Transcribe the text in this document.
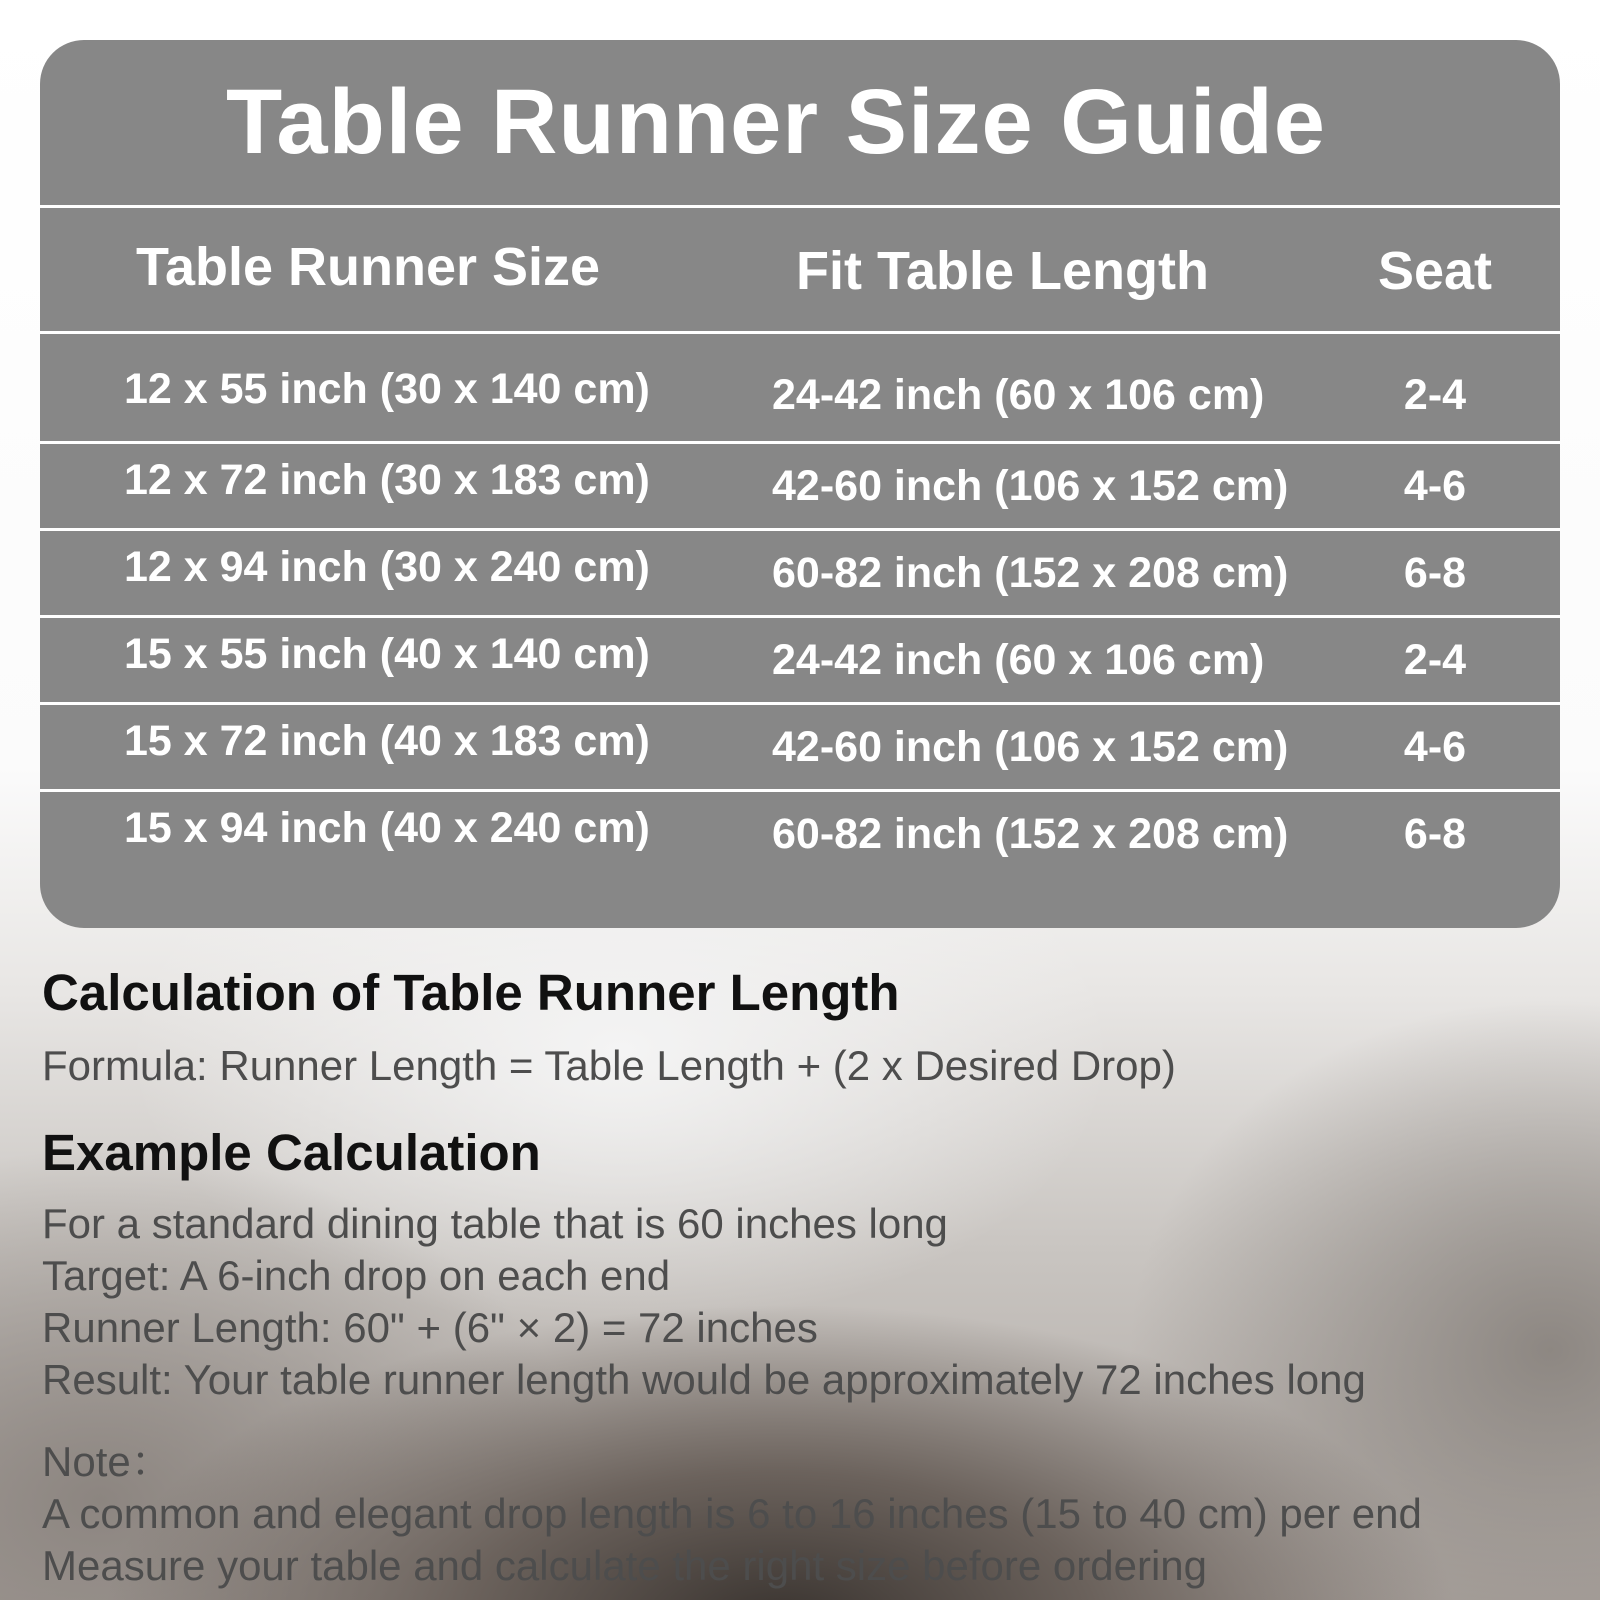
Table Runner Size Guide
Table Runner Size	Fit Table Length	Seat
12 x 55 inch (30 x 140 cm)	24-42 inch (60 x 106 cm)	2-4
12 x 72 inch (30 x 183 cm)	42-60 inch (106 x 152 cm)	4-6
12 x 94 inch (30 x 240 cm)	60-82 inch (152 x 208 cm)	6-8
15 x 55 inch (40 x 140 cm)	24-42 inch (60 x 106 cm)	2-4
15 x 72 inch (40 x 183 cm)	42-60 inch (106 x 152 cm)	4-6
15 x 94 inch (40 x 240 cm)	60-82 inch (152 x 208 cm)	6-8
Calculation of Table Runner Length
Formula: Runner Length = Table Length + (2 x Desired Drop)
Example Calculation
For a standard dining table that is 60 inches long
Target: A 6-inch drop on each end
Runner Length: 60" + (6" × 2) = 72 inches
Result: Your table runner length would be approximately 72 inches long
Note：
A common and elegant drop length is 6 to 16 inches (15 to 40 cm) per end
Measure your table and calculate the right size before ordering
